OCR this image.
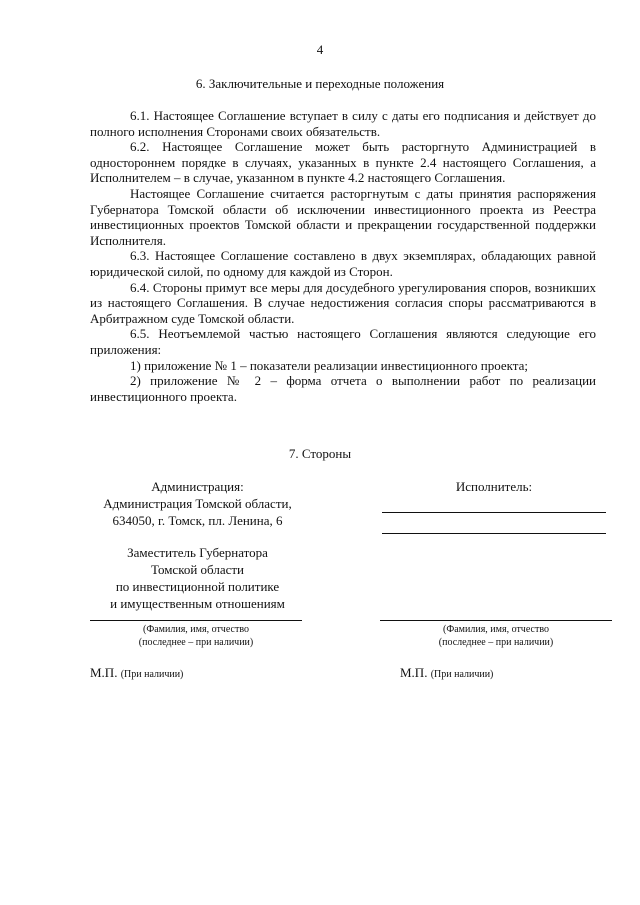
4
6. Заключительные и переходные положения

6.1. Настоящее Соглашение вступает в силу с даты его подписания и действует до полного исполнения Сторонами своих обязательств.

6.2. Настоящее Соглашение может быть расторгнуто Администрацией в одностороннем порядке в случаях, указанных в пункте 2.4 настоящего Соглашения, а Исполнителем – в случае, указанном в пункте 4.2 настоящего Соглашения.

Настоящее Соглашение считается расторгнутым с даты принятия распоряжения Губернатора Томской области об исключении инвестиционного проекта из Реестра инвестиционных проектов Томской области и прекращении государственной поддержки Исполнителя.

6.3. Настоящее Соглашение составлено в двух экземплярах, обладающих равной юридической силой, по одному для каждой из Сторон.

6.4. Стороны примут все меры для досудебного урегулирования споров, возникших из настоящего Соглашения. В случае недостижения согласия споры рассматриваются в Арбитражном суде Томской области.

6.5. Неотъемлемой частью настоящего Соглашения являются следующие его приложения:

1) приложение № 1 – показатели реализации инвестиционного проекта;

2) приложение № 2 – форма отчета о выполнении работ по реализации инвестиционного проекта.

7. Стороны
Администрация:
Администрация Томской области,
634050, г. Томск, пл. Ленина, 6
Заместитель Губернатора
Томской области
по инвестиционной политике
и имущественным отношениям
Исполнитель:
(Фамилия, имя, отчество
(последнее – при наличии)
(Фамилия, имя, отчество
(последнее – при наличии)
М.П. (При наличии)	М.П. (При наличии)
